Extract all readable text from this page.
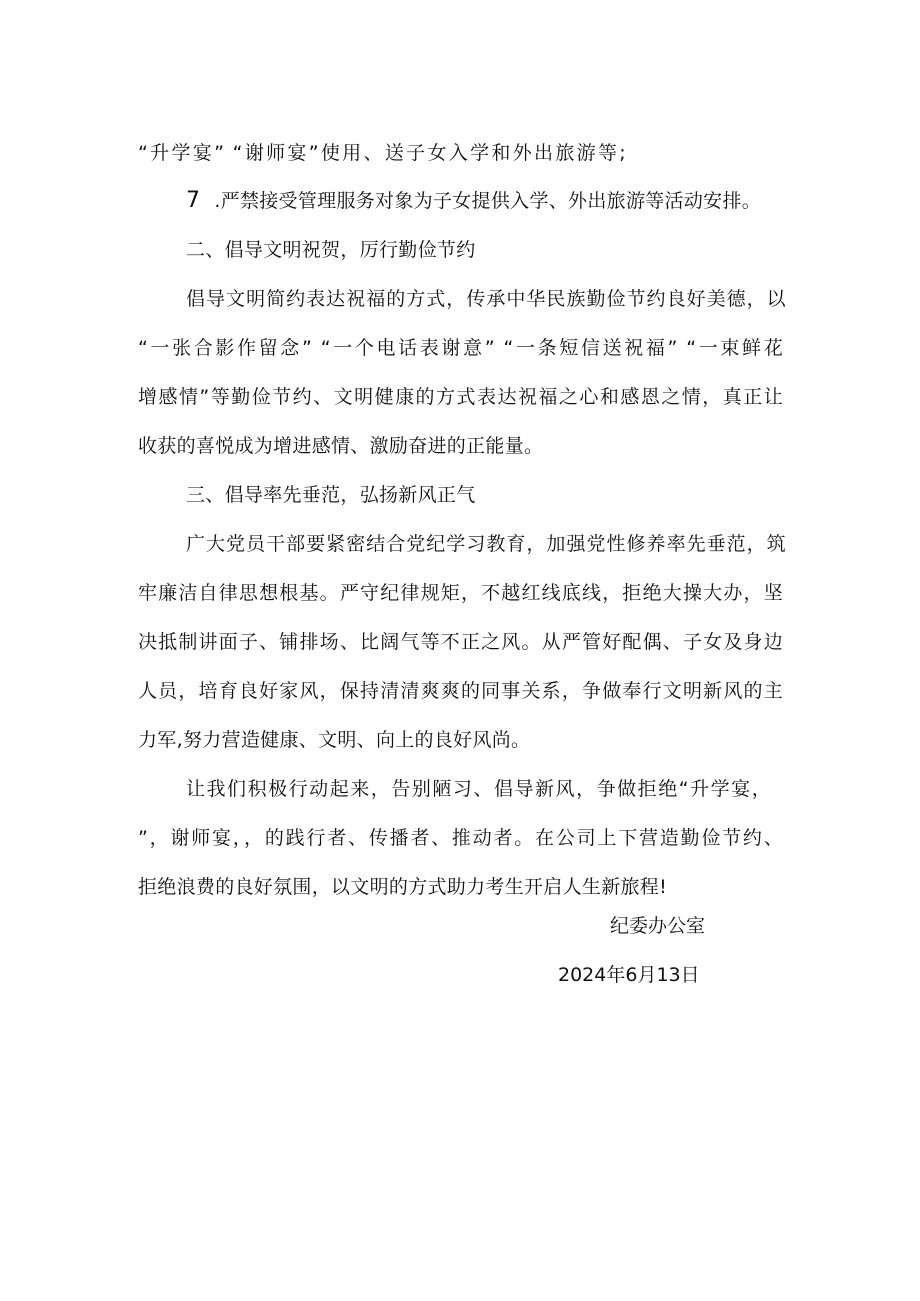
“升学宴” “谢师宴”使用、送子女入学和外出旅游等;
7 .严禁接受管理服务对象为子女提供入学、外出旅游等活动安排。
二、倡导文明祝贺，厉行勤俭节约
倡导文明简约表达祝福的方式，传承中华民族勤俭节约良好美德，以
“一张合影作留念” “一个电话表谢意” “一条短信送祝福” “一束鲜花
增感情”等勤俭节约、文明健康的方式表达祝福之心和感恩之情，真正让
收获的喜悦成为增进感情、激励奋进的正能量。
三、倡导率先垂范，弘扬新风正气
广大党员干部要紧密结合党纪学习教育，加强党性修养率先垂范，筑
牢廉洁自律思想根基。严守纪律规矩，不越红线底线，拒绝大操大办，坚
决抵制讲面子、铺排场、比阔气等不正之风。从严管好配偶、子女及身边
人员，培育良好家风，保持清清爽爽的同事关系，争做奉行文明新风的主
力军,努力营造健康、文明、向上的良好风尚。
让我们积极行动起来，告别陋习、倡导新风，争做拒绝“升学宴，
”，谢师宴，，的践行者、传播者、推动者。在公司上下营造勤俭节约、
拒绝浪费的良好氛围，以文明的方式助力考生开启人生新旅程!
纪委办公室
2024年6月13日
